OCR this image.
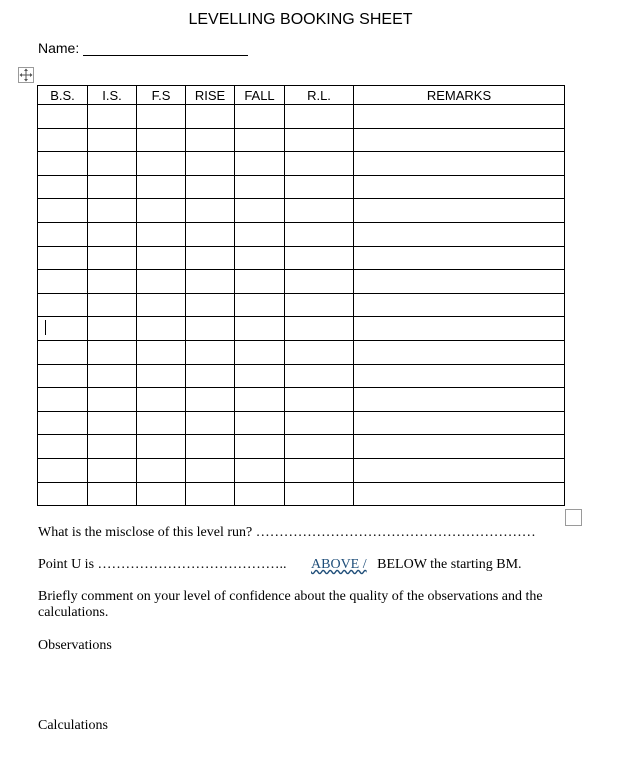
LEVELLING BOOKING SHEET
Name:
B.S.	I.S.	F.S	RISE	FALL	R.L.	REMARKS

What is the misclose of this level run? ……………………………………………………
Point U is …………………………………..       ABOVE /   BELOW the starting BM.
Briefly comment on your level of confidence about the quality of the observations and the calculations.
Observations
Calculations
